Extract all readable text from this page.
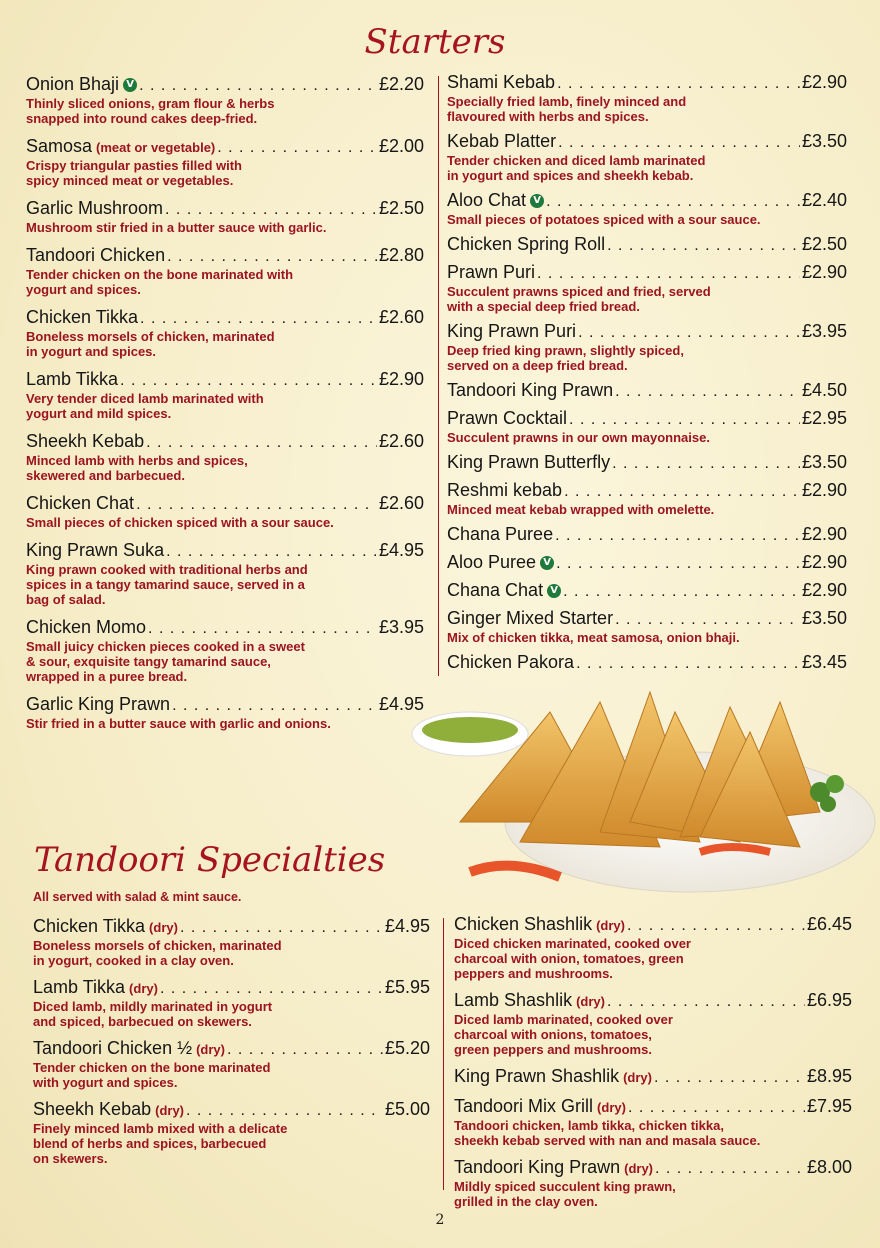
Starters
Onion Bhaji V . . .	£2.20
Thinly sliced onions, gram flour & herbs
snapped into round cakes deep-fried.
Samosa (meat or vegetable) . . .	£2.00
Crispy triangular pasties filled with
spicy minced meat or vegetables.
Garlic Mushroom . . .	£2.50
Mushroom stir fried in a butter sauce with garlic.
Tandoori Chicken . . .	£2.80
Tender chicken on the bone marinated with
yogurt and spices.
Chicken Tikka . . .	£2.60
Boneless morsels of chicken, marinated
in yogurt and spices.
Lamb Tikka . . .	£2.90
Very tender diced lamb marinated with
yogurt and mild spices.
Sheekh Kebab . . .	£2.60
Minced lamb with herbs and spices,
skewered and barbecued.
Chicken Chat . . .	£2.60
Small pieces of chicken spiced with a sour sauce.
King Prawn Suka . . .	£4.95
King prawn cooked with traditional herbs and
spices in a tangy tamarind sauce, served in a
bag of salad.
Chicken Momo . . .	£3.95
Small juicy chicken pieces cooked in a sweet
& sour, exquisite tangy tamarind sauce,
wrapped in a puree bread.
Garlic King Prawn . . .	£4.95
Stir fried in a butter sauce with garlic and onions.
Shami Kebab . . .	£2.90
Specially fried lamb, finely minced and
flavoured with herbs and spices.
Kebab Platter . . .	£3.50
Tender chicken and diced lamb marinated
in yogurt and spices and sheekh kebab.
Aloo Chat V . . .	£2.40
Small pieces of potatoes spiced with a sour sauce.
Chicken Spring Roll . . .	£2.50
Prawn Puri . . .	£2.90
Succulent prawns spiced and fried, served
with a special deep fried bread.
King Prawn Puri . . .	£3.95
Deep fried king prawn, slightly spiced,
served on a deep fried bread.
Tandoori King Prawn . . .	£4.50
Prawn Cocktail . . .	£2.95
Succulent prawns in our own mayonnaise.
King Prawn Butterfly . . .	£3.50
Reshmi kebab . . .	£2.90
Minced meat kebab wrapped with omelette.
Chana Puree . . .	£2.90
Aloo Puree V . . .	£2.90
Chana Chat V . . .	£2.90
Ginger Mixed Starter . . .	£3.50
Mix of chicken tikka, meat samosa, onion bhaji.
Chicken Pakora . . .	£3.45
Tandoori Specialties

All served with salad & mint sauce.

Chicken Tikka (dry) . . .	£4.95
Boneless morsels of chicken, marinated
in yogurt, cooked in a clay oven.
Lamb Tikka (dry) . . .	£5.95
Diced lamb, mildly marinated in yogurt
and spiced, barbecued on skewers.
Tandoori Chicken ½ (dry) . . .	£5.20
Tender chicken on the bone marinated
with yogurt and spices.
Sheekh Kebab (dry) . . .	£5.00
Finely minced lamb mixed with a delicate
blend of herbs and spices, barbecued
on skewers.
Chicken Shashlik (dry) . . .	£6.45
Diced chicken marinated, cooked over
charcoal with onion, tomatoes, green
peppers and mushrooms.
Lamb Shashlik (dry) . . .	£6.95
Diced lamb marinated, cooked over
charcoal with onions, tomatoes,
green peppers and mushrooms.
King Prawn Shashlik (dry) . . .	£8.95
Tandoori Mix Grill (dry) . . .	£7.95
Tandoori chicken, lamb tikka, chicken tikka,
sheekh kebab served with nan and masala sauce.
Tandoori King Prawn (dry) . . .	£8.00
Mildly spiced succulent king prawn,
grilled in the clay oven.
2
